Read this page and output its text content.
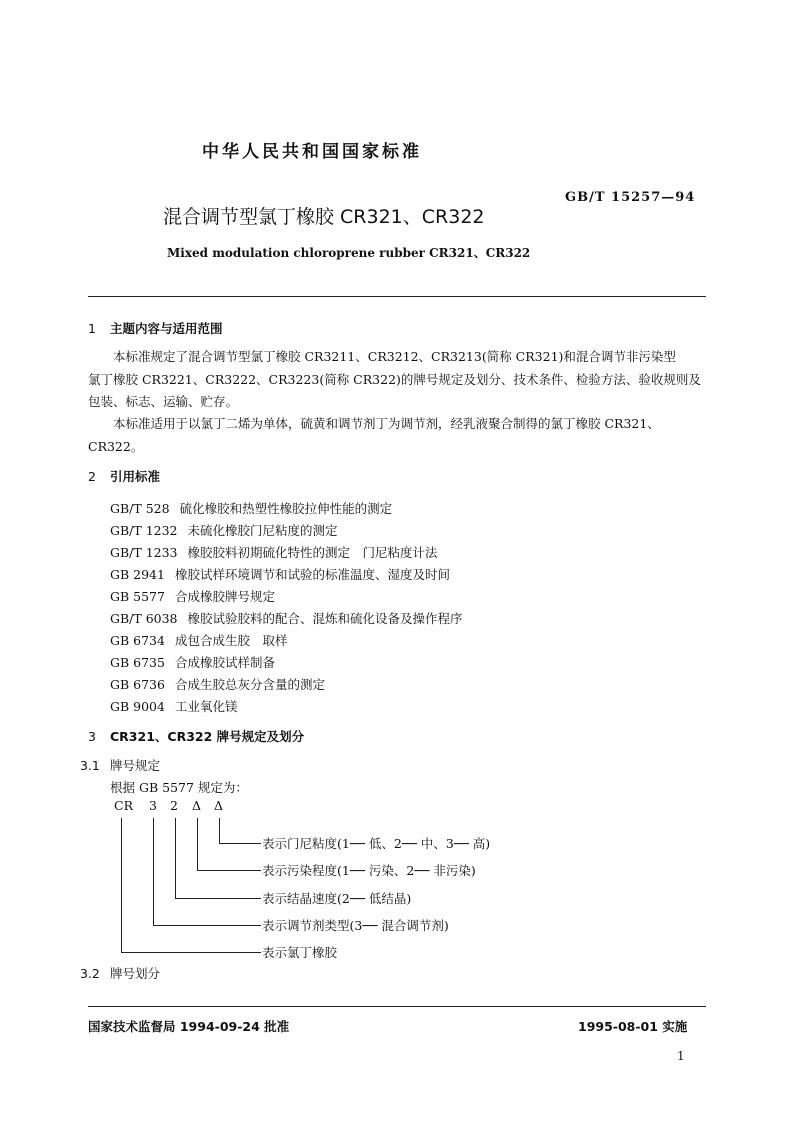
中华人民共和国国家标准
GB/T 15257—94
混合调节型氯丁橡胶 CR321、CR322
Mixed modulation chloroprene rubber CR321、CR322
1 主题内容与适用范围
本标准规定了混合调节型氯丁橡胶 CR3211、CR3212、CR3213(简称 CR321)和混合调节非污染型
氯丁橡胶 CR3221、CR3222、CR3223(简称 CR322)的牌号规定及划分、技术条件、检验方法、验收规则及
包装、标志、运输、贮存。
本标准适用于以氯丁二烯为单体，硫黄和调节剂丁为调节剂，经乳液聚合制得的氯丁橡胶 CR321、
CR322。
2 引用标准
GB/T 528 硫化橡胶和热塑性橡胶拉伸性能的测定
GB/T 1232 未硫化橡胶门尼粘度的测定
GB/T 1233 橡胶胶料初期硫化特性的测定　门尼粘度计法
GB 2941 橡胶试样环境调节和试验的标准温度、湿度及时间
GB 5577 合成橡胶牌号规定
GB/T 6038 橡胶试验胶料的配合、混炼和硫化设备及操作程序
GB 6734 成包合成生胶　取样
GB 6735 合成橡胶试样制备
GB 6736 合成生胶总灰分含量的测定
GB 9004 工业氧化镁
3 CR321、CR322 牌号规定及划分
3.1 牌号规定
根据 GB 5577 规定为：
CR 3 2 Δ Δ
表示门尼粘度(1── 低、2── 中、3── 高)
表示污染程度(1── 污染、2── 非污染)
表示结晶速度(2── 低结晶)
表示调节剂类型(3── 混合调节剂)
表示氯丁橡胶
3.2 牌号划分
国家技术监督局 1994-09-24 批准	1995-08-01 实施
1
